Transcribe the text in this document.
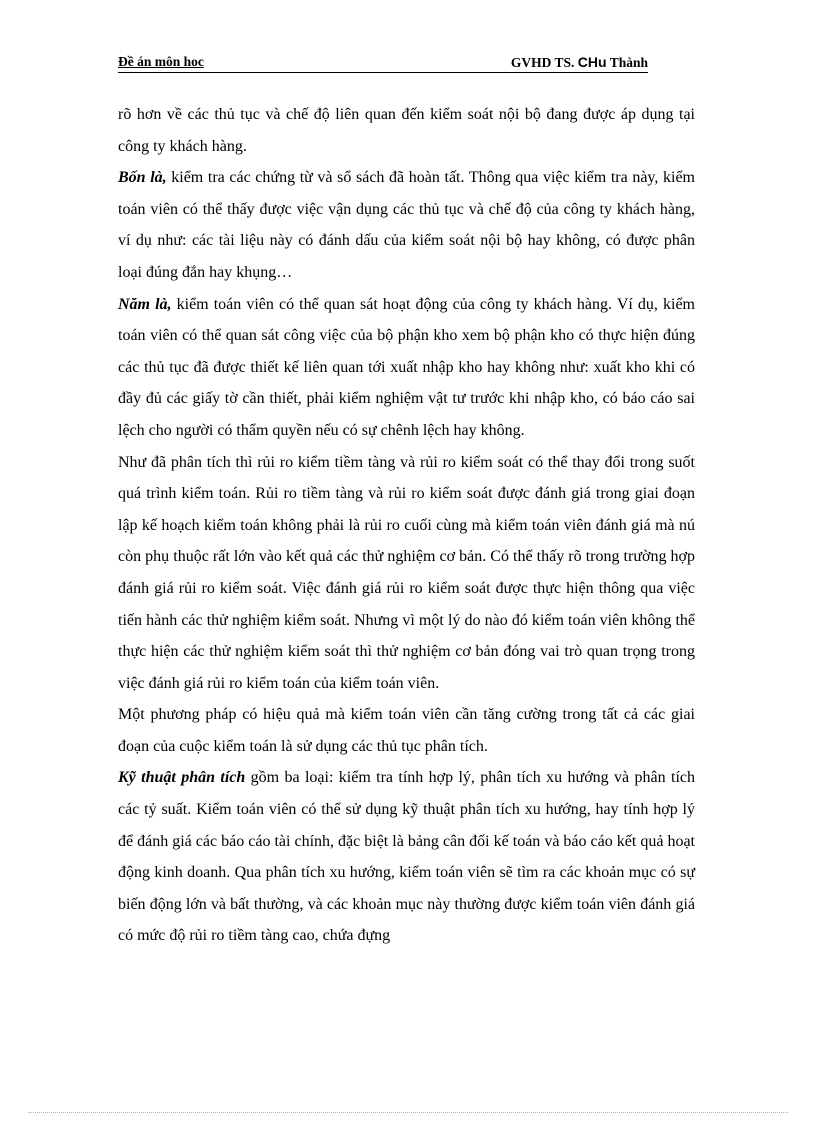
Đề án môn hoc	GVHD TS. CHu Thành

rõ hơn về các thủ tục và chế độ liên quan đến kiểm soát nội bộ đang được áp dụng tại công ty khách hàng.

Bốn là, kiểm tra các chứng từ và sổ sách đã hoàn tất. Thông qua việc kiểm tra này, kiểm toán viên có thể thấy được việc vận dụng các thủ tục và chế độ của công ty khách hàng, ví dụ như: các tài liệu này có đánh dấu của kiểm soát nội bộ hay không, có được phân loại đúng đắn hay khụng…

Năm là, kiểm toán viên có thể quan sát hoạt động của công ty khách hàng. Ví dụ, kiểm toán viên có thể quan sát công việc của bộ phận kho xem bộ phận kho có thực hiện đúng các thủ tục đã được thiết kế liên quan tới xuất nhập kho hay không như: xuất kho khi có đầy đủ các giấy tờ cần thiết, phải kiểm nghiệm vật tư trước khi nhập kho, có báo cáo sai lệch cho người có thẩm quyền nếu có sự chênh lệch hay không.

Như đã phân tích thì rủi ro kiểm tiềm tàng và rủi ro kiểm soát có thể thay đổi trong suốt quá trình kiểm toán. Rủi ro tiềm tàng và rủi ro kiểm soát được đánh giá trong giai đoạn lập kế hoạch kiểm toán không phải là rủi ro cuối cùng mà kiểm toán viên đánh giá mà nú còn phụ thuộc rất lớn vào kết quả các thử nghiệm cơ bản. Có thể thấy rõ trong trường hợp đánh giá rủi ro kiểm soát. Việc đánh giá rủi ro kiểm soát được thực hiện thông qua việc tiến hành các thử nghiệm kiểm soát. Nhưng vì một lý do nào đó kiểm toán viên không thể thực hiện các thử nghiệm kiểm soát thì thử nghiệm cơ bản đóng vai trò quan trọng trong việc đánh giá rủi ro kiểm toán của kiểm toán viên.

Một phương pháp có hiệu quả mà kiểm toán viên cần tăng cường trong tất cả các giai đoạn của cuộc kiểm toán là sử dụng các thủ tục phân tích.

Kỹ thuật phân tích gồm ba loại: kiểm tra tính hợp lý, phân tích xu hướng và phân tích các tỷ suất. Kiểm toán viên có thể sử dụng kỹ thuật phân tích xu hướng, hay tính hợp lý để đánh giá các báo cáo tài chính, đặc biệt là bảng cân đối kế toán và báo cáo kết quả hoạt động kinh doanh. Qua phân tích xu hướng, kiểm toán viên sẽ tìm ra các khoản mục có sự biến động lớn và bất thường, và các khoản mục này thường được kiểm toán viên đánh giá có mức độ rủi ro tiềm tàng cao, chứa đựng
